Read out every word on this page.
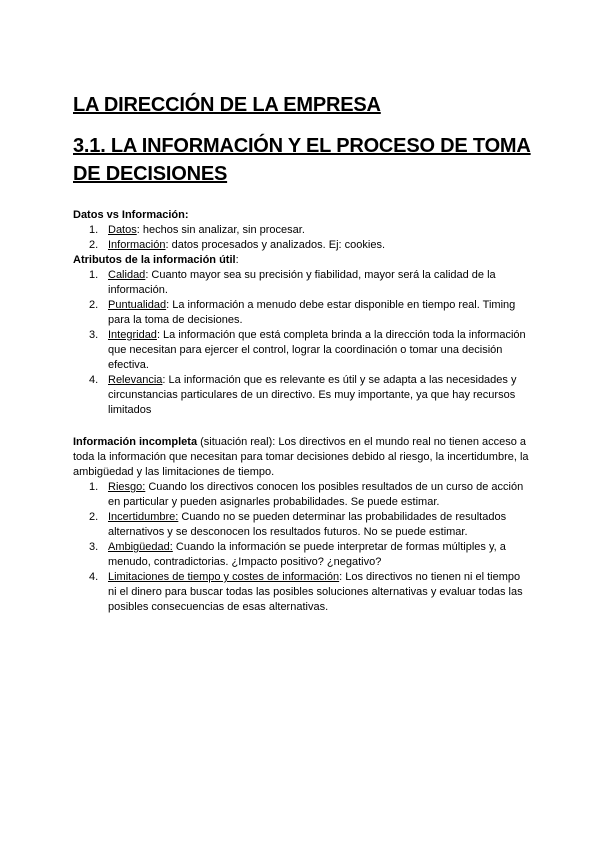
LA DIRECCIÓN DE LA EMPRESA
3.1. LA INFORMACIÓN Y EL PROCESO DE TOMA DE DECISIONES
Datos vs Información:
1. Datos: hechos sin analizar, sin procesar.
2. Información: datos procesados y analizados. Ej: cookies.
Atributos de la información útil:
1. Calidad: Cuanto mayor sea su precisión y fiabilidad, mayor será la calidad de la información.
2. Puntualidad: La información a menudo debe estar disponible en tiempo real. Timing para la toma de decisiones.
3. Integridad: La información que está completa brinda a la dirección toda la información que necesitan para ejercer el control, lograr la coordinación o tomar una decisión efectiva.
4. Relevancia: La información que es relevante es útil y se adapta a las necesidades y circunstancias particulares de un directivo. Es muy importante, ya que hay recursos limitados
Información incompleta (situación real): Los directivos en el mundo real no tienen acceso a toda la información que necesitan para tomar decisiones debido al riesgo, la incertidumbre, la ambigüedad y las limitaciones de tiempo.
1. Riesgo: Cuando los directivos conocen los posibles resultados de un curso de acción en particular y pueden asignarles probabilidades. Se puede estimar.
2. Incertidumbre: Cuando no se pueden determinar las probabilidades de resultados alternativos y se desconocen los resultados futuros. No se puede estimar.
3. Ambigüedad: Cuando la información se puede interpretar de formas múltiples y, a menudo, contradictorias. ¿Impacto positivo? ¿negativo?
4. Limitaciones de tiempo y costes de información: Los directivos no tienen ni el tiempo ni el dinero para buscar todas las posibles soluciones alternativas y evaluar todas las posibles consecuencias de esas alternativas.
